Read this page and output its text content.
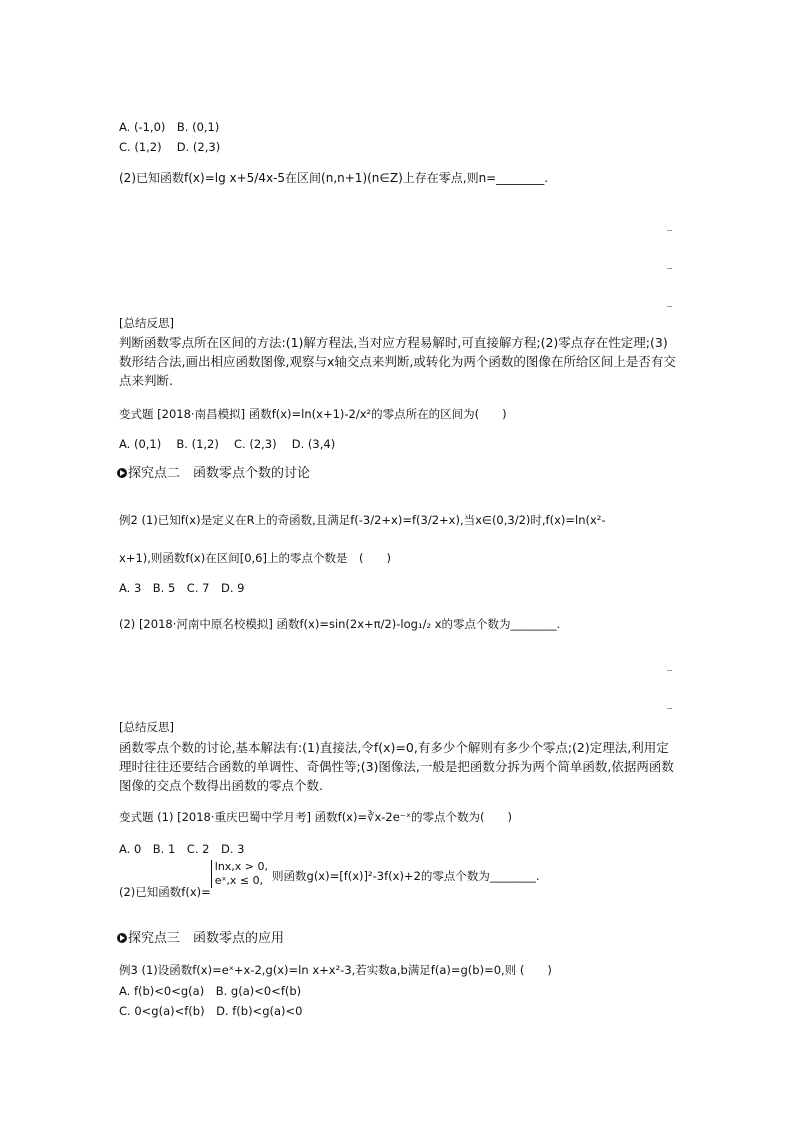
A. (-1,0)　B. (0,1)
C. (1,2)　 D. (2,3)
(2)已知函数f(x)=lg x+5/4x-5在区间(n,n+1)(n∈Z)上存在零点,则n=________.
[总结反思]
判断函数零点所在区间的方法:(1)解方程法,当对应方程易解时,可直接解方程;(2)零点存在性定理;(3)数形结合法,画出相应函数图像,观察与x轴交点来判断,或转化为两个函数的图像在所给区间上是否有交点来判断.
变式题 [2018·南昌模拟] 函数f(x)=ln(x+1)-2/x²的零点所在的区间为(　　)
A. (0,1)　 B. (1,2)　 C. (2,3)　 D. (3,4)
探究点二　函数零点个数的讨论
例2 (1)已知f(x)是定义在R上的奇函数,且满足f(-3/2+x)=f(3/2+x),当x∈(0,3/2)时,f(x)=ln(x²-
x+1),则函数f(x)在区间[0,6]上的零点个数是　(　　)
A. 3　B. 5　C. 7　D. 9
(2) [2018·河南中原名校模拟] 函数f(x)=sin(2x+π/2)-log₁/₂ x的零点个数为________.
[总结反思]
函数零点个数的讨论,基本解法有:(1)直接法,令f(x)=0,有多少个解则有多少个零点;(2)定理法,利用定理时往往还要结合函数的单调性、奇偶性等;(3)图像法,一般是把函数分拆为两个简单函数,依据两函数图像的交点个数得出函数的零点个数.
变式题 (1) [2018·重庆巴蜀中学月考] 函数f(x)=∛x-2e⁻ˣ的零点个数为(　　)
A. 0　B. 1　C. 2　D. 3
(2)已知函数f(x)=
lnx,x > 0,
eˣ,x ≤ 0, 则函数g(x)=[f(x)]²-3f(x)+2的零点个数为________.
探究点三　函数零点的应用
例3 (1)设函数f(x)=eˣ+x-2,g(x)=ln x+x²-3,若实数a,b满足f(a)=g(b)=0,则 (　　)
A. f(b)<0<g(a)　B. g(a)<0<f(b)
C. 0<g(a)<f(b)　D. f(b)<g(a)<0
